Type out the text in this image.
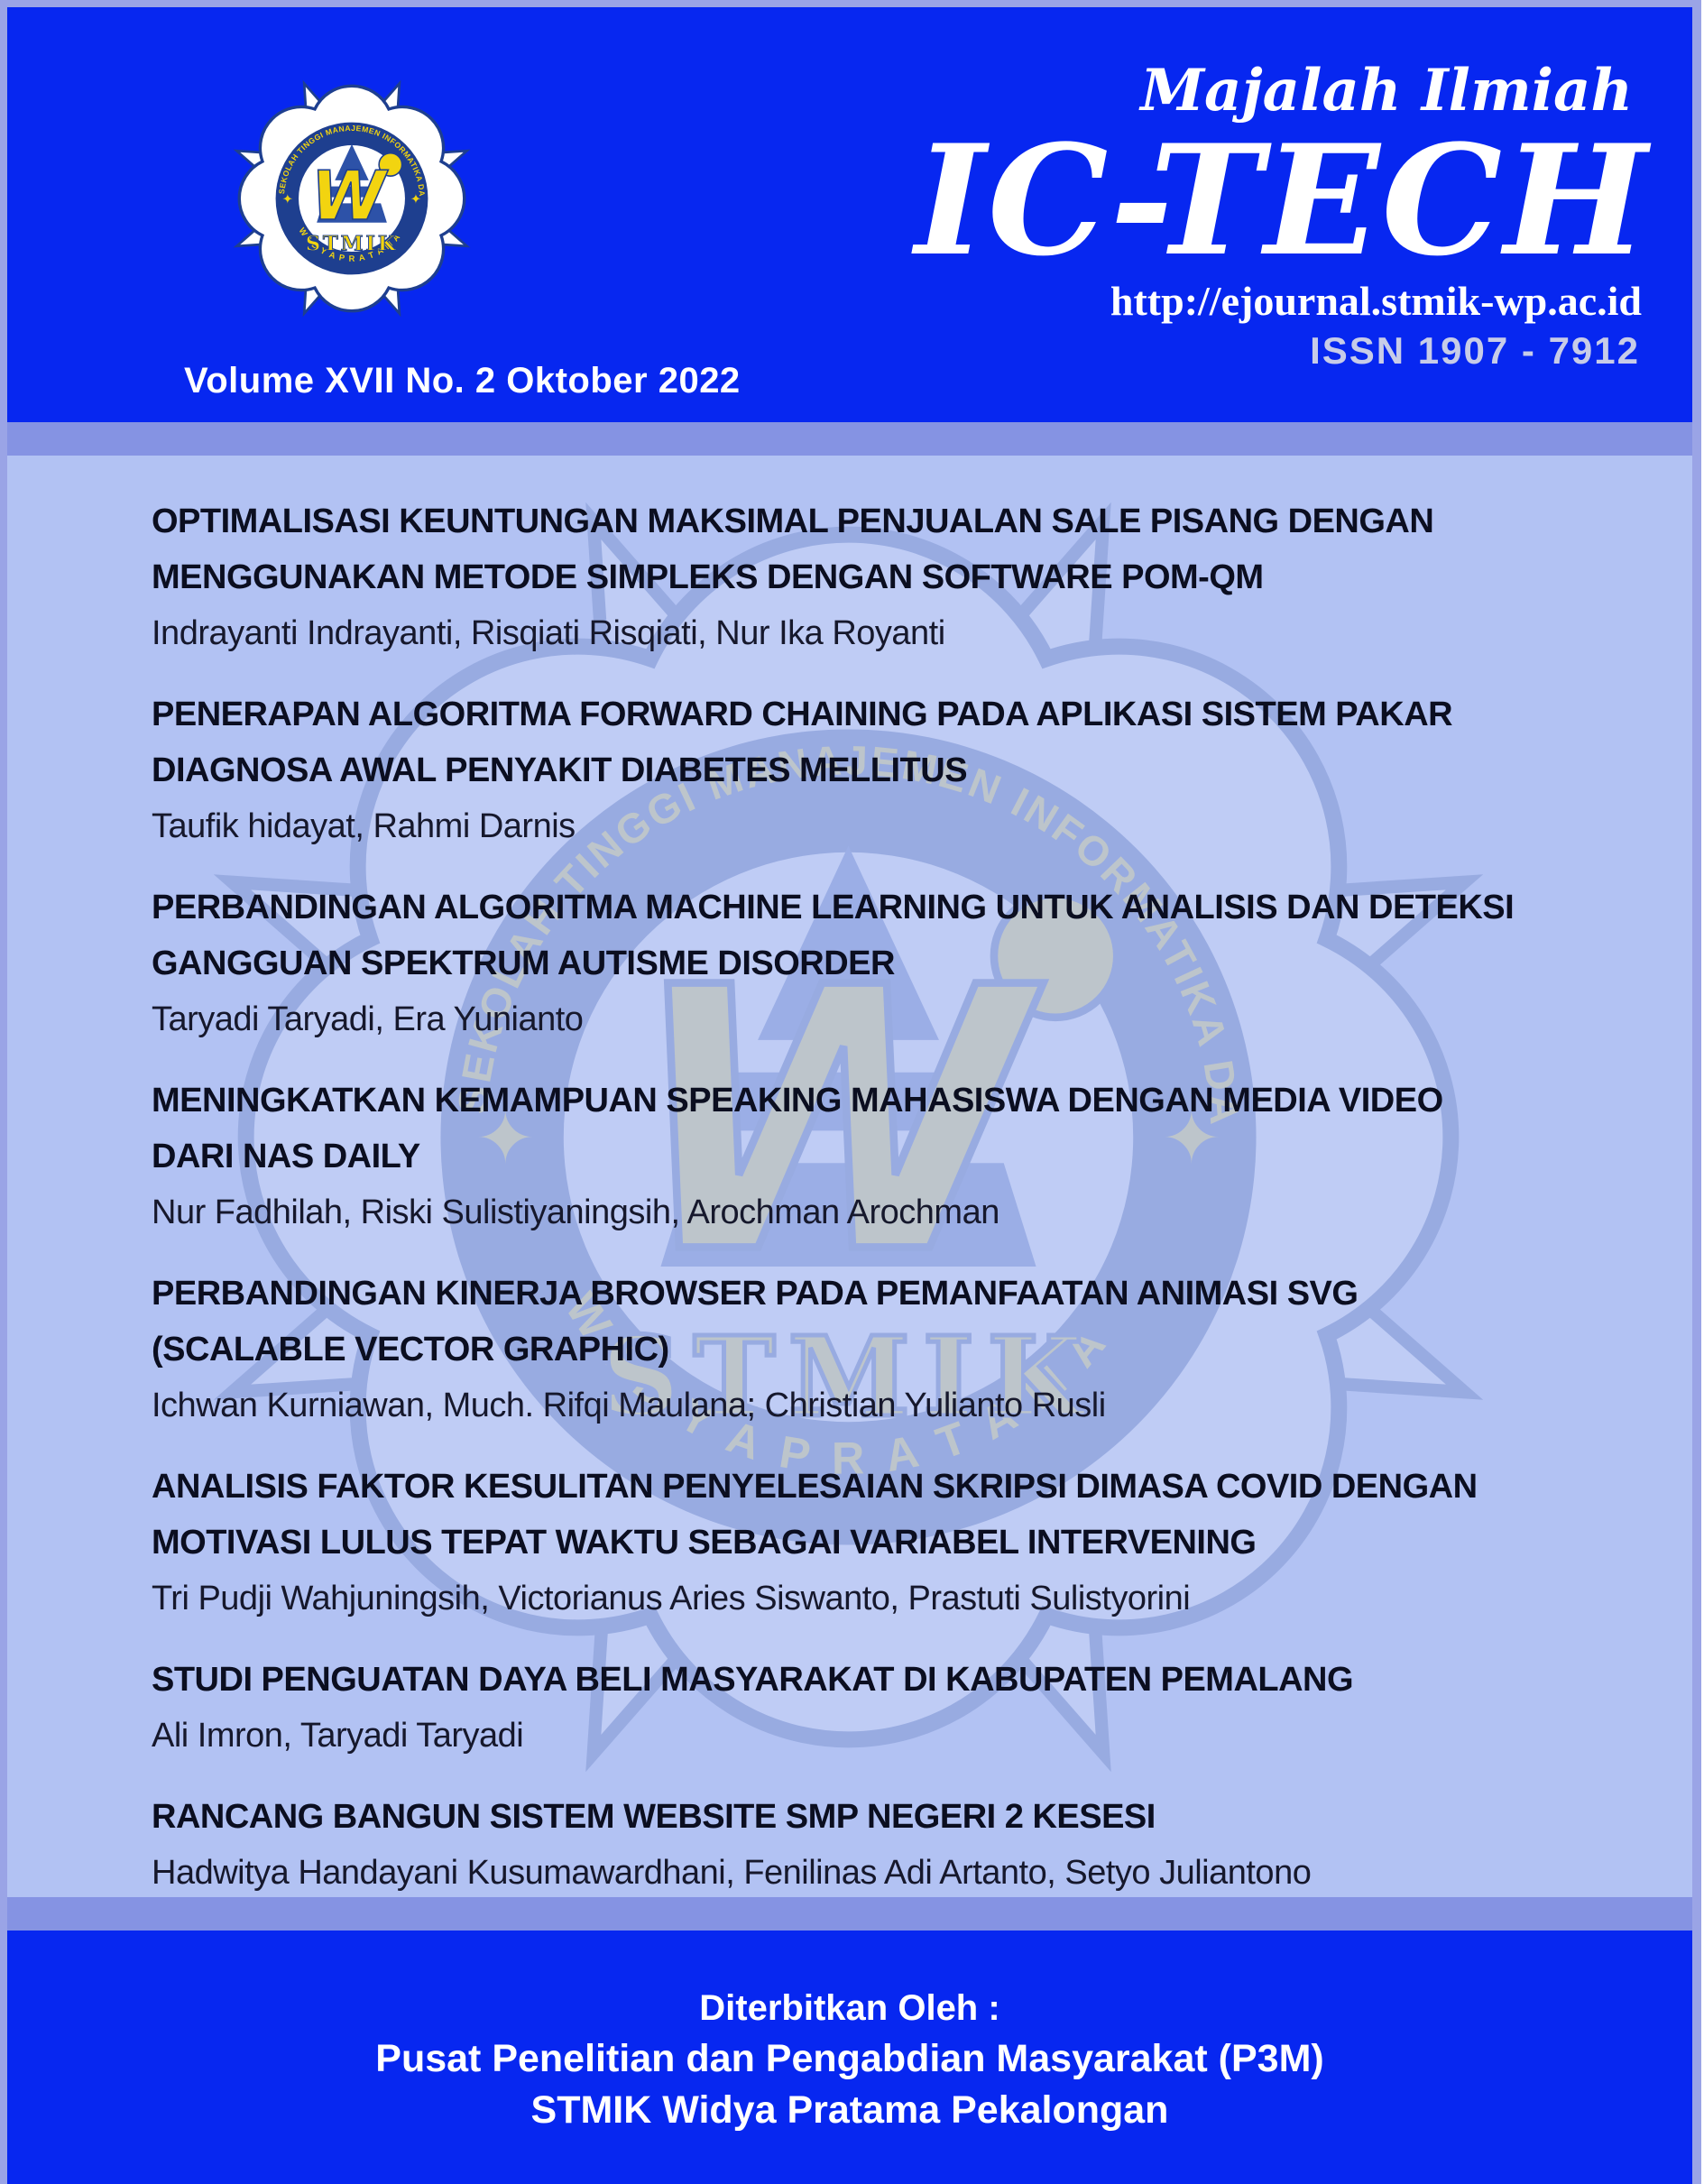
Volume XVII No. 2 Oktober 2022
Majalah Ilmiah
IC-TECH
http://ejournal.stmik-wp.ac.id
ISSN 1907 - 7912
OPTIMALISASI KEUNTUNGAN MAKSIMAL PENJUALAN SALE PISANG DENGAN MENGGUNAKAN METODE SIMPLEKS DENGAN SOFTWARE POM-QM
Indrayanti Indrayanti, Risqiati Risqiati, Nur Ika Royanti
PENERAPAN ALGORITMA FORWARD CHAINING PADA APLIKASI SISTEM PAKAR DIAGNOSA AWAL PENYAKIT DIABETES MELLITUS
Taufik hidayat, Rahmi Darnis
PERBANDINGAN ALGORITMA MACHINE LEARNING UNTUK ANALISIS DAN DETEKSI GANGGUAN SPEKTRUM AUTISME DISORDER
Taryadi Taryadi, Era Yunianto
MENINGKATKAN KEMAMPUAN SPEAKING MAHASISWA DENGAN MEDIA VIDEO DARI NAS DAILY
Nur Fadhilah, Riski Sulistiyaningsih, Arochman Arochman
PERBANDINGAN KINERJA BROWSER PADA PEMANFAATAN ANIMASI SVG (SCALABLE VECTOR GRAPHIC)
Ichwan Kurniawan, Much. Rifqi Maulana; Christian Yulianto Rusli
ANALISIS FAKTOR KESULITAN PENYELESAIAN SKRIPSI DIMASA COVID DENGAN MOTIVASI LULUS TEPAT WAKTU SEBAGAI VARIABEL INTERVENING
Tri Pudji Wahjuningsih, Victorianus Aries Siswanto, Prastuti Sulistyorini
STUDI PENGUATAN DAYA BELI MASYARAKAT DI KABUPATEN PEMALANG
Ali Imron, Taryadi Taryadi
RANCANG BANGUN SISTEM WEBSITE SMP NEGERI 2 KESESI
Hadwitya Handayani Kusumawardhani, Fenilinas Adi Artanto, Setyo Juliantono
Diterbitkan Oleh :
Pusat Penelitian dan Pengabdian Masyarakat (P3M)
STMIK Widya Pratama Pekalongan
